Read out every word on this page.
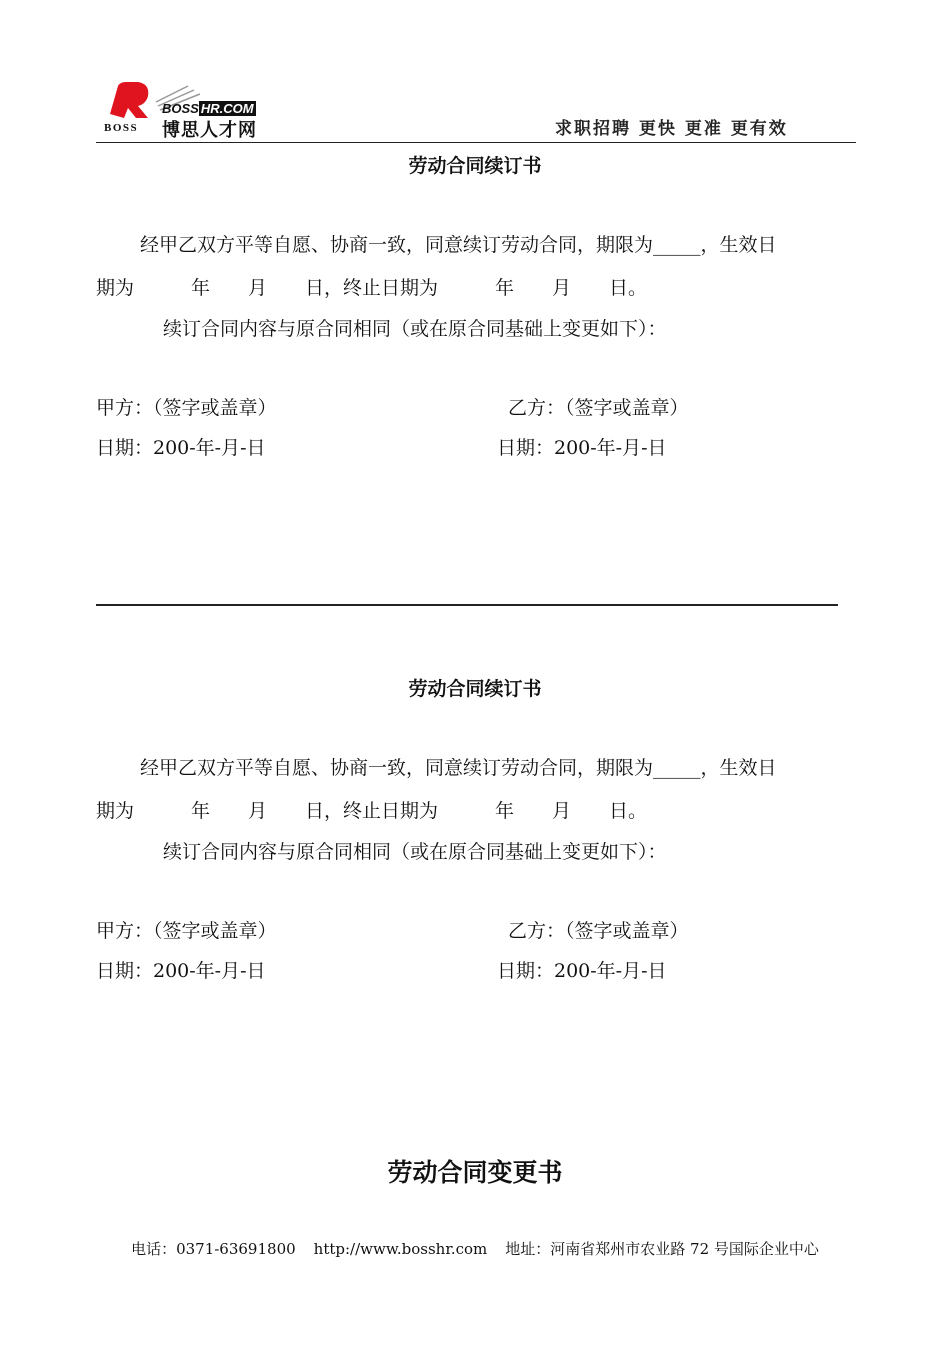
BOSS
BOSS HR.COM
博思人才网	求职招聘 更快 更准 更有效
劳动合同续订书
经甲乙双方平等自愿、协商一致，同意续订劳动合同，期限为_____，生效日
期为　　　年　　月　　日，终止日期为　　　年　　月　　日。
续订合同内容与原合同相同（或在原合同基础上变更如下）：
甲方：（签字或盖章）	乙方：（签字或盖章）
日期：200-年-月-日	日期：200-年-月-日
劳动合同续订书
经甲乙双方平等自愿、协商一致，同意续订劳动合同，期限为_____，生效日
期为　　　年　　月　　日，终止日期为　　　年　　月　　日。
续订合同内容与原合同相同（或在原合同基础上变更如下）：
甲方：（签字或盖章）	乙方：（签字或盖章）
日期：200-年-月-日	日期：200-年-月-日
劳动合同变更书
电话：0371-63691800 http://www.bosshr.com 地址：河南省郑州市农业路 72 号国际企业中心
